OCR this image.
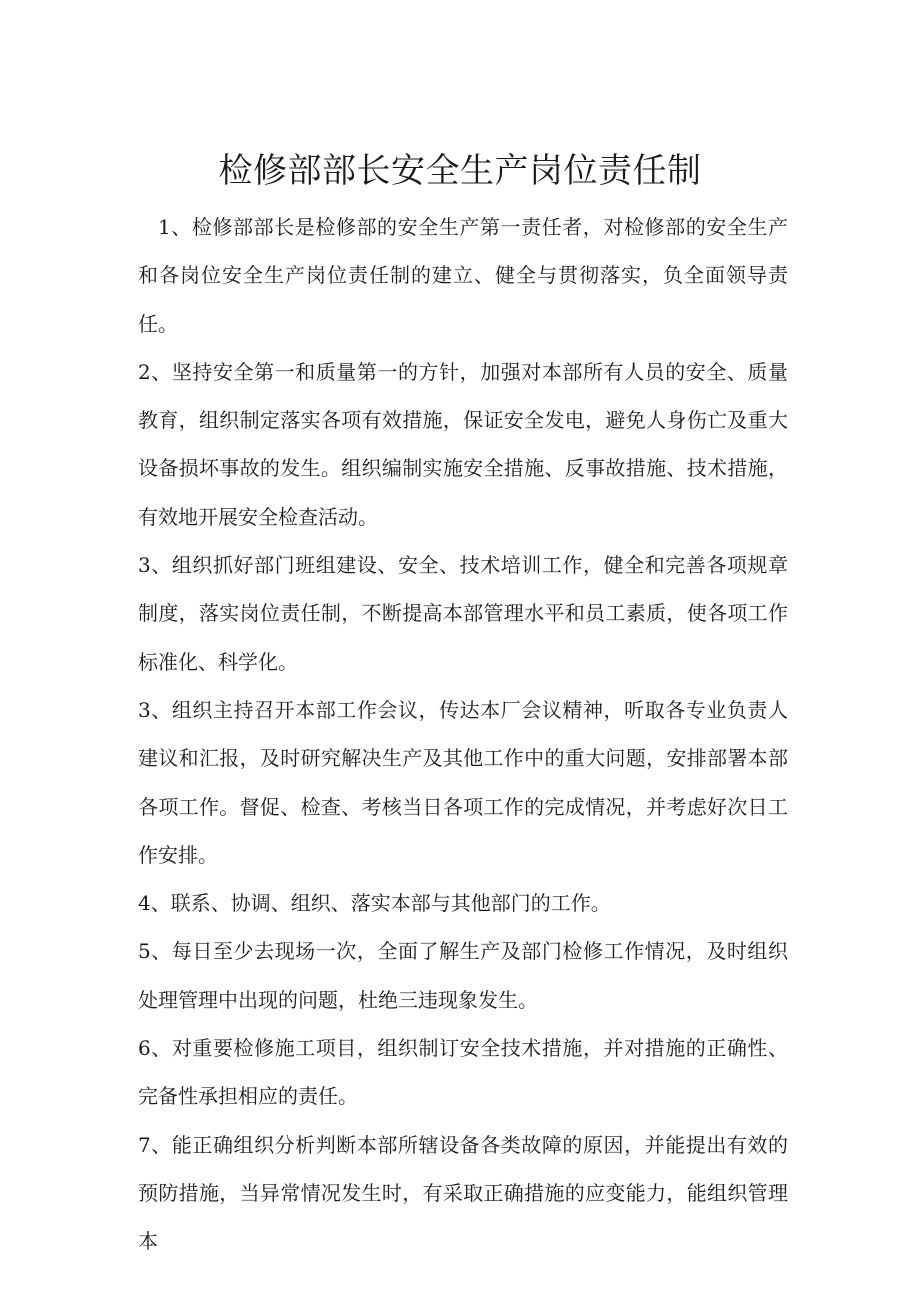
检修部部长安全生产岗位责任制

1、检修部部长是检修部的安全生产第一责任者，对检修部的安全生产和各岗位安全生产岗位责任制的建立、健全与贯彻落实，负全面领导责任。

2、坚持安全第一和质量第一的方针，加强对本部所有人员的安全、质量教育，组织制定落实各项有效措施，保证安全发电，避免人身伤亡及重大设备损坏事故的发生。组织编制实施安全措施、反事故措施、技术措施，有效地开展安全检查活动。

3、组织抓好部门班组建设、安全、技术培训工作，健全和完善各项规章制度，落实岗位责任制，不断提高本部管理水平和员工素质，使各项工作标准化、科学化。

3、组织主持召开本部工作会议，传达本厂会议精神，听取各专业负责人建议和汇报，及时研究解决生产及其他工作中的重大问题，安排部署本部各项工作。督促、检查、考核当日各项工作的完成情况，并考虑好次日工作安排。

4、联系、协调、组织、落实本部与其他部门的工作。

5、每日至少去现场一次，全面了解生产及部门检修工作情况，及时组织处理管理中出现的问题，杜绝三违现象发生。

6、对重要检修施工项目，组织制订安全技术措施，并对措施的正确性、完备性承担相应的责任。

7、能正确组织分析判断本部所辖设备各类故障的原因，并能提出有效的预防措施，当异常情况发生时，有采取正确措施的应变能力，能组织管理本
